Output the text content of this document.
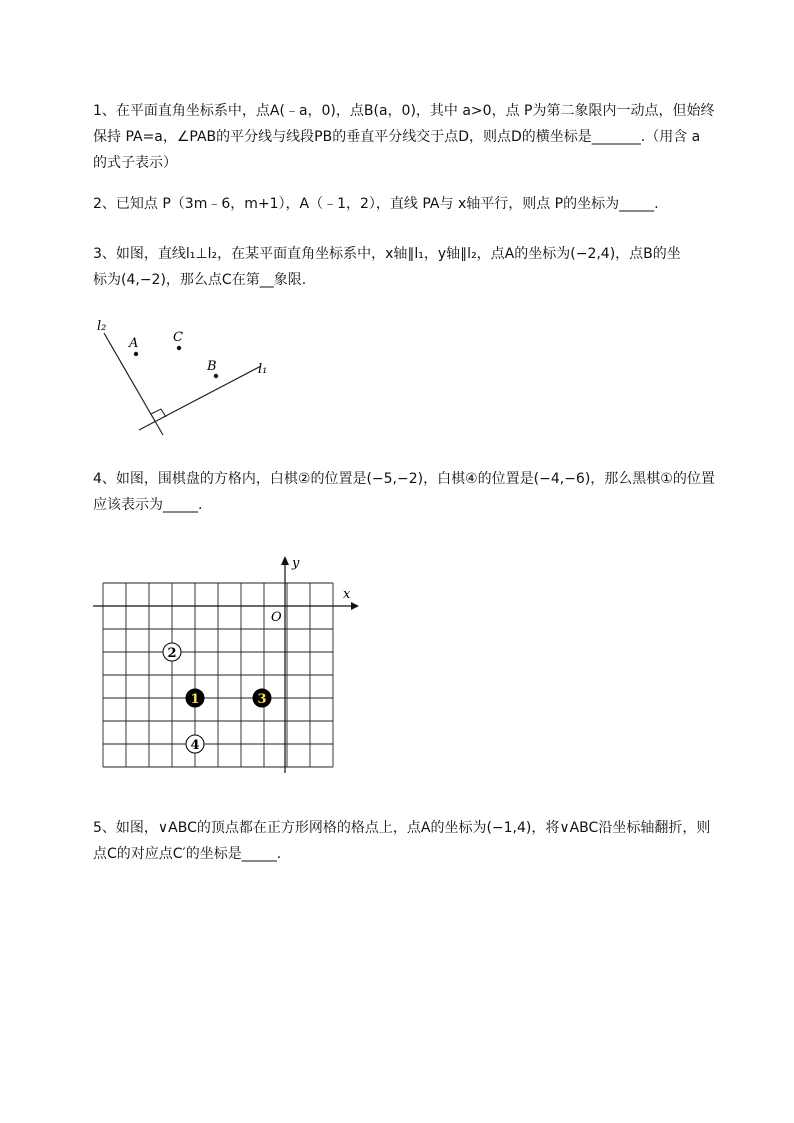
1、在平面直角坐标系中，点A(﹣a，0)，点B(a，0)，其中 a>0，点 P为第二象限内一动点，但始终

保持 PA=a，∠PAB的平分线与线段PB的垂直平分线交于点D，则点D的横坐标是_______.（用含 a

的式子表示）

2、已知点 P（3m﹣6，m+1），A（﹣1，2），直线 PA与 x轴平行，则点 P的坐标为_____.

3、如图，直线l₁⊥l₂，在某平面直角坐标系中，x轴∥l₁，y轴∥l₂，点A的坐标为(−2,4)，点B的坐

标为(4,−2)，那么点C在第__象限.

l₂
l₁
A	C
B

4、如图，围棋盘的方格内，白棋②的位置是(−5,−2)，白棋④的位置是(−4,−6)，那么黑棋①的位置

应该表示为_____.

x
y
O
2
1	3
4

5、如图，∨ABC的顶点都在正方形网格的格点上，点A的坐标为(−1,4)，将∨ABC沿坐标轴翻折，则

点C的对应点C′的坐标是_____.
